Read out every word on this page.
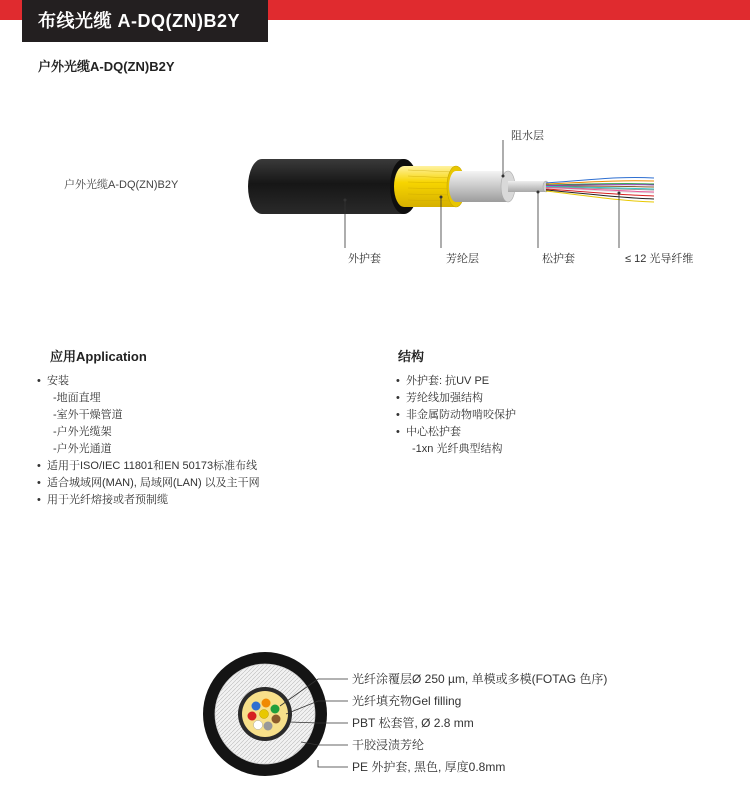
布线光缆 A-DQ(ZN)B2Y
户外光缆A-DQ(ZN)B2Y
户外光缆A-DQ(ZN)B2Y
阻水层
外护套	芳纶层	松护套	≤ 12 光导纤维
应用Application
• 安装
-地面直埋
-室外干燥管道
-户外光缆架
-户外光通道
• 适用于ISO/IEC 11801和EN 50173标准布线
• 适合城域网(MAN), 局域网(LAN) 以及主干网
• 用于光纤熔接或者预制缆
结构
• 外护套: 抗UV PE
• 芳纶线加强结构
• 非金属防动物啃咬保护
• 中心松护套
-1xn 光纤典型结构
光纤涂覆层Ø 250 µm, 单模或多模(FOTAG 色序)
光纤填充物Gel filling
PBT 松套管, Ø 2.8 mm
干胶浸渍芳纶
PE 外护套, 黑色, 厚度0.8mm
